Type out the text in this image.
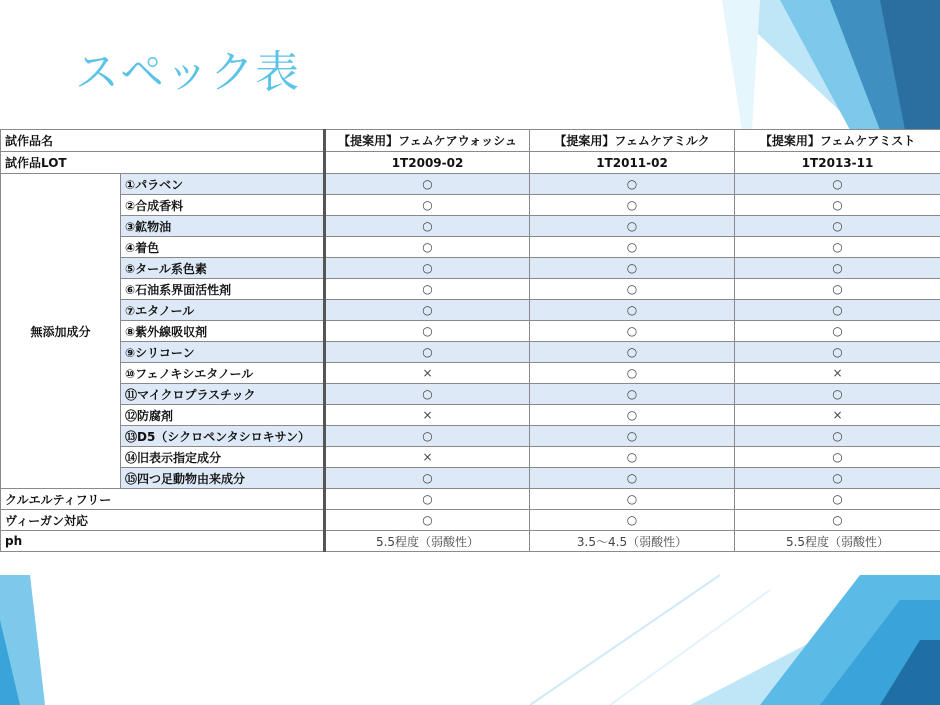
スペック表
試作品名		【提案用】フェムケアウォッシュ	【提案用】フェムケアミルク	【提案用】フェムケアミスト
試作品LOT		1T2009-02	1T2011-02	1T2013-11
無添加成分	①パラベン	○	○	○
	②合成香料	○	○	○
	③鉱物油	○	○	○
	④着色	○	○	○
	⑤タール系色素	○	○	○
	⑥石油系界面活性剤	○	○	○
	⑦エタノール	○	○	○
	⑧紫外線吸収剤	○	○	○
	⑨シリコーン	○	○	○
	⑩フェノキシエタノール	×	○	×
	⑪マイクロプラスチック	○	○	○
	⑫防腐剤	×	○	×
	⑬D5（シクロペンタシロキサン）	○	○	○
	⑭旧表示指定成分	×	○	○
	⑮四つ足動物由来成分	○	○	○
クルエルティフリー		○	○	○
ヴィーガン対応		○	○	○
ph		5.5程度（弱酸性）	3.5～4.5（弱酸性）	5.5程度（弱酸性）
